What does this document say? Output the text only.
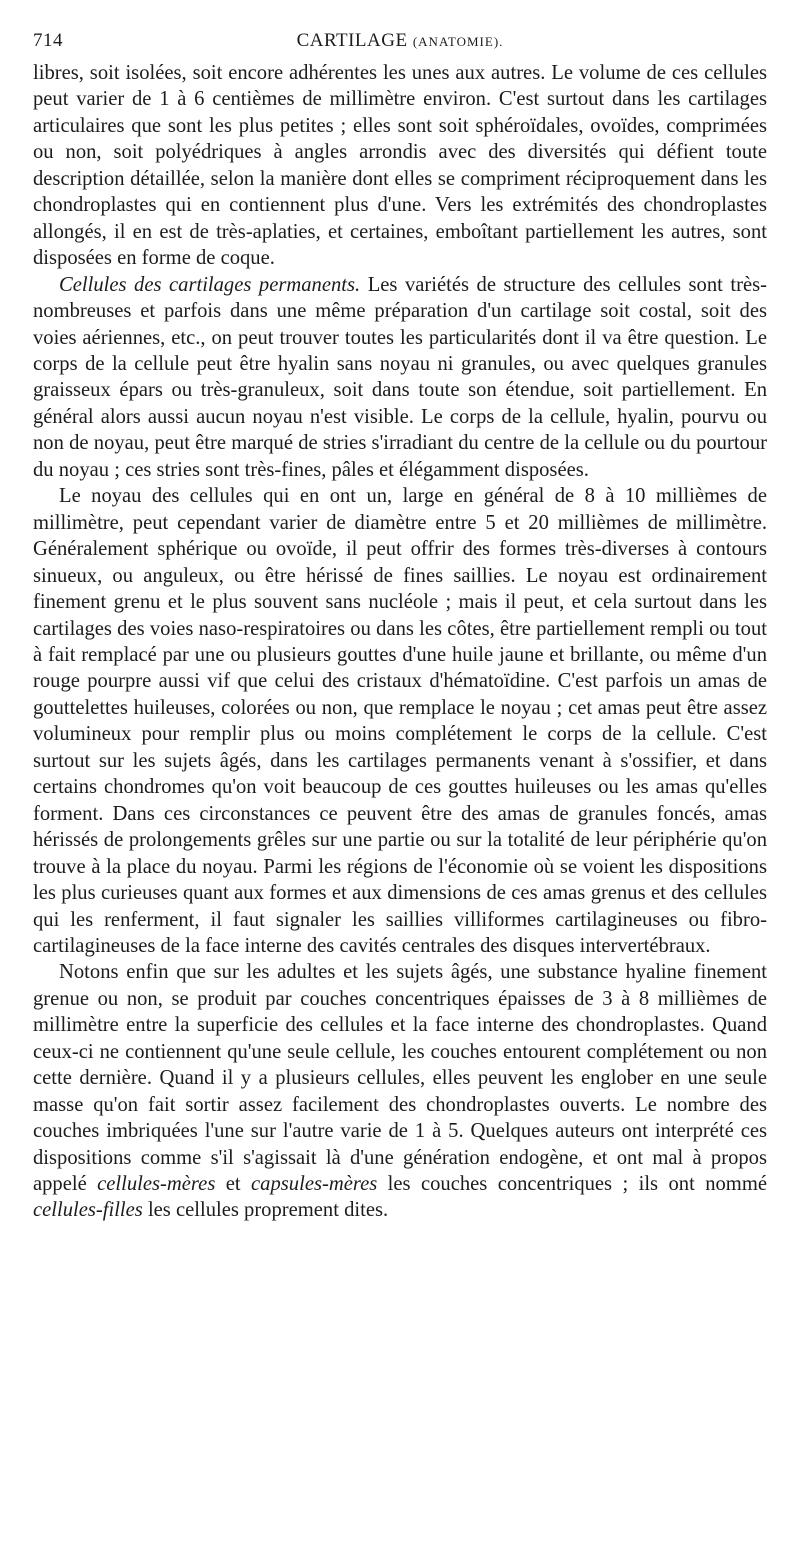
714	CARTILAGE (ANATOMIE).

libres, soit isolées, soit encore adhérentes les unes aux autres. Le volume de ces cellules peut varier de 1 à 6 centièmes de millimètre environ. C'est surtout dans les cartilages articulaires que sont les plus petites ; elles sont soit sphéroïdales, ovoïdes, comprimées ou non, soit polyédriques à angles arrondis avec des diversités qui défient toute description détaillée, selon la manière dont elles se compriment réciproquement dans les chondroplastes qui en contiennent plus d'une. Vers les extrémités des chondroplastes allongés, il en est de très-aplaties, et certaines, emboîtant partiellement les autres, sont disposées en forme de coque.

Cellules des cartilages permanents. Les variétés de structure des cellules sont très-nombreuses et parfois dans une même préparation d'un cartilage soit costal, soit des voies aériennes, etc., on peut trouver toutes les particularités dont il va être question. Le corps de la cellule peut être hyalin sans noyau ni granules, ou avec quelques granules graisseux épars ou très-granuleux, soit dans toute son étendue, soit partiellement. En général alors aussi aucun noyau n'est visible. Le corps de la cellule, hyalin, pourvu ou non de noyau, peut être marqué de stries s'irradiant du centre de la cellule ou du pourtour du noyau ; ces stries sont très-fines, pâles et élégamment disposées.

Le noyau des cellules qui en ont un, large en général de 8 à 10 millièmes de millimètre, peut cependant varier de diamètre entre 5 et 20 millièmes de millimètre. Généralement sphérique ou ovoïde, il peut offrir des formes très-diverses à contours sinueux, ou anguleux, ou être hérissé de fines saillies. Le noyau est ordinairement finement grenu et le plus souvent sans nucléole ; mais il peut, et cela surtout dans les cartilages des voies naso-respiratoires ou dans les côtes, être partiellement rempli ou tout à fait remplacé par une ou plusieurs gouttes d'une huile jaune et brillante, ou même d'un rouge pourpre aussi vif que celui des cristaux d'hématoïdine. C'est parfois un amas de gouttelettes huileuses, colorées ou non, que remplace le noyau ; cet amas peut être assez volumineux pour remplir plus ou moins complétement le corps de la cellule. C'est surtout sur les sujets âgés, dans les cartilages permanents venant à s'ossifier, et dans certains chondromes qu'on voit beaucoup de ces gouttes huileuses ou les amas qu'elles forment. Dans ces circonstances ce peuvent être des amas de granules foncés, amas hérissés de prolongements grêles sur une partie ou sur la totalité de leur périphérie qu'on trouve à la place du noyau. Parmi les régions de l'économie où se voient les dispositions les plus curieuses quant aux formes et aux dimensions de ces amas grenus et des cellules qui les renferment, il faut signaler les saillies villiformes cartilagineuses ou fibro-cartilagineuses de la face interne des cavités centrales des disques intervertébraux.

Notons enfin que sur les adultes et les sujets âgés, une substance hyaline finement grenue ou non, se produit par couches concentriques épaisses de 3 à 8 millièmes de millimètre entre la superficie des cellules et la face interne des chondroplastes. Quand ceux-ci ne contiennent qu'une seule cellule, les couches entourent complétement ou non cette dernière. Quand il y a plusieurs cellules, elles peuvent les englober en une seule masse qu'on fait sortir assez facilement des chondroplastes ouverts. Le nombre des couches imbriquées l'une sur l'autre varie de 1 à 5. Quelques auteurs ont interprété ces dispositions comme s'il s'agissait là d'une génération endogène, et ont mal à propos appelé cellules-mères et capsules-mères les couches concentriques ; ils ont nommé cellules-filles les cellules proprement dites.
